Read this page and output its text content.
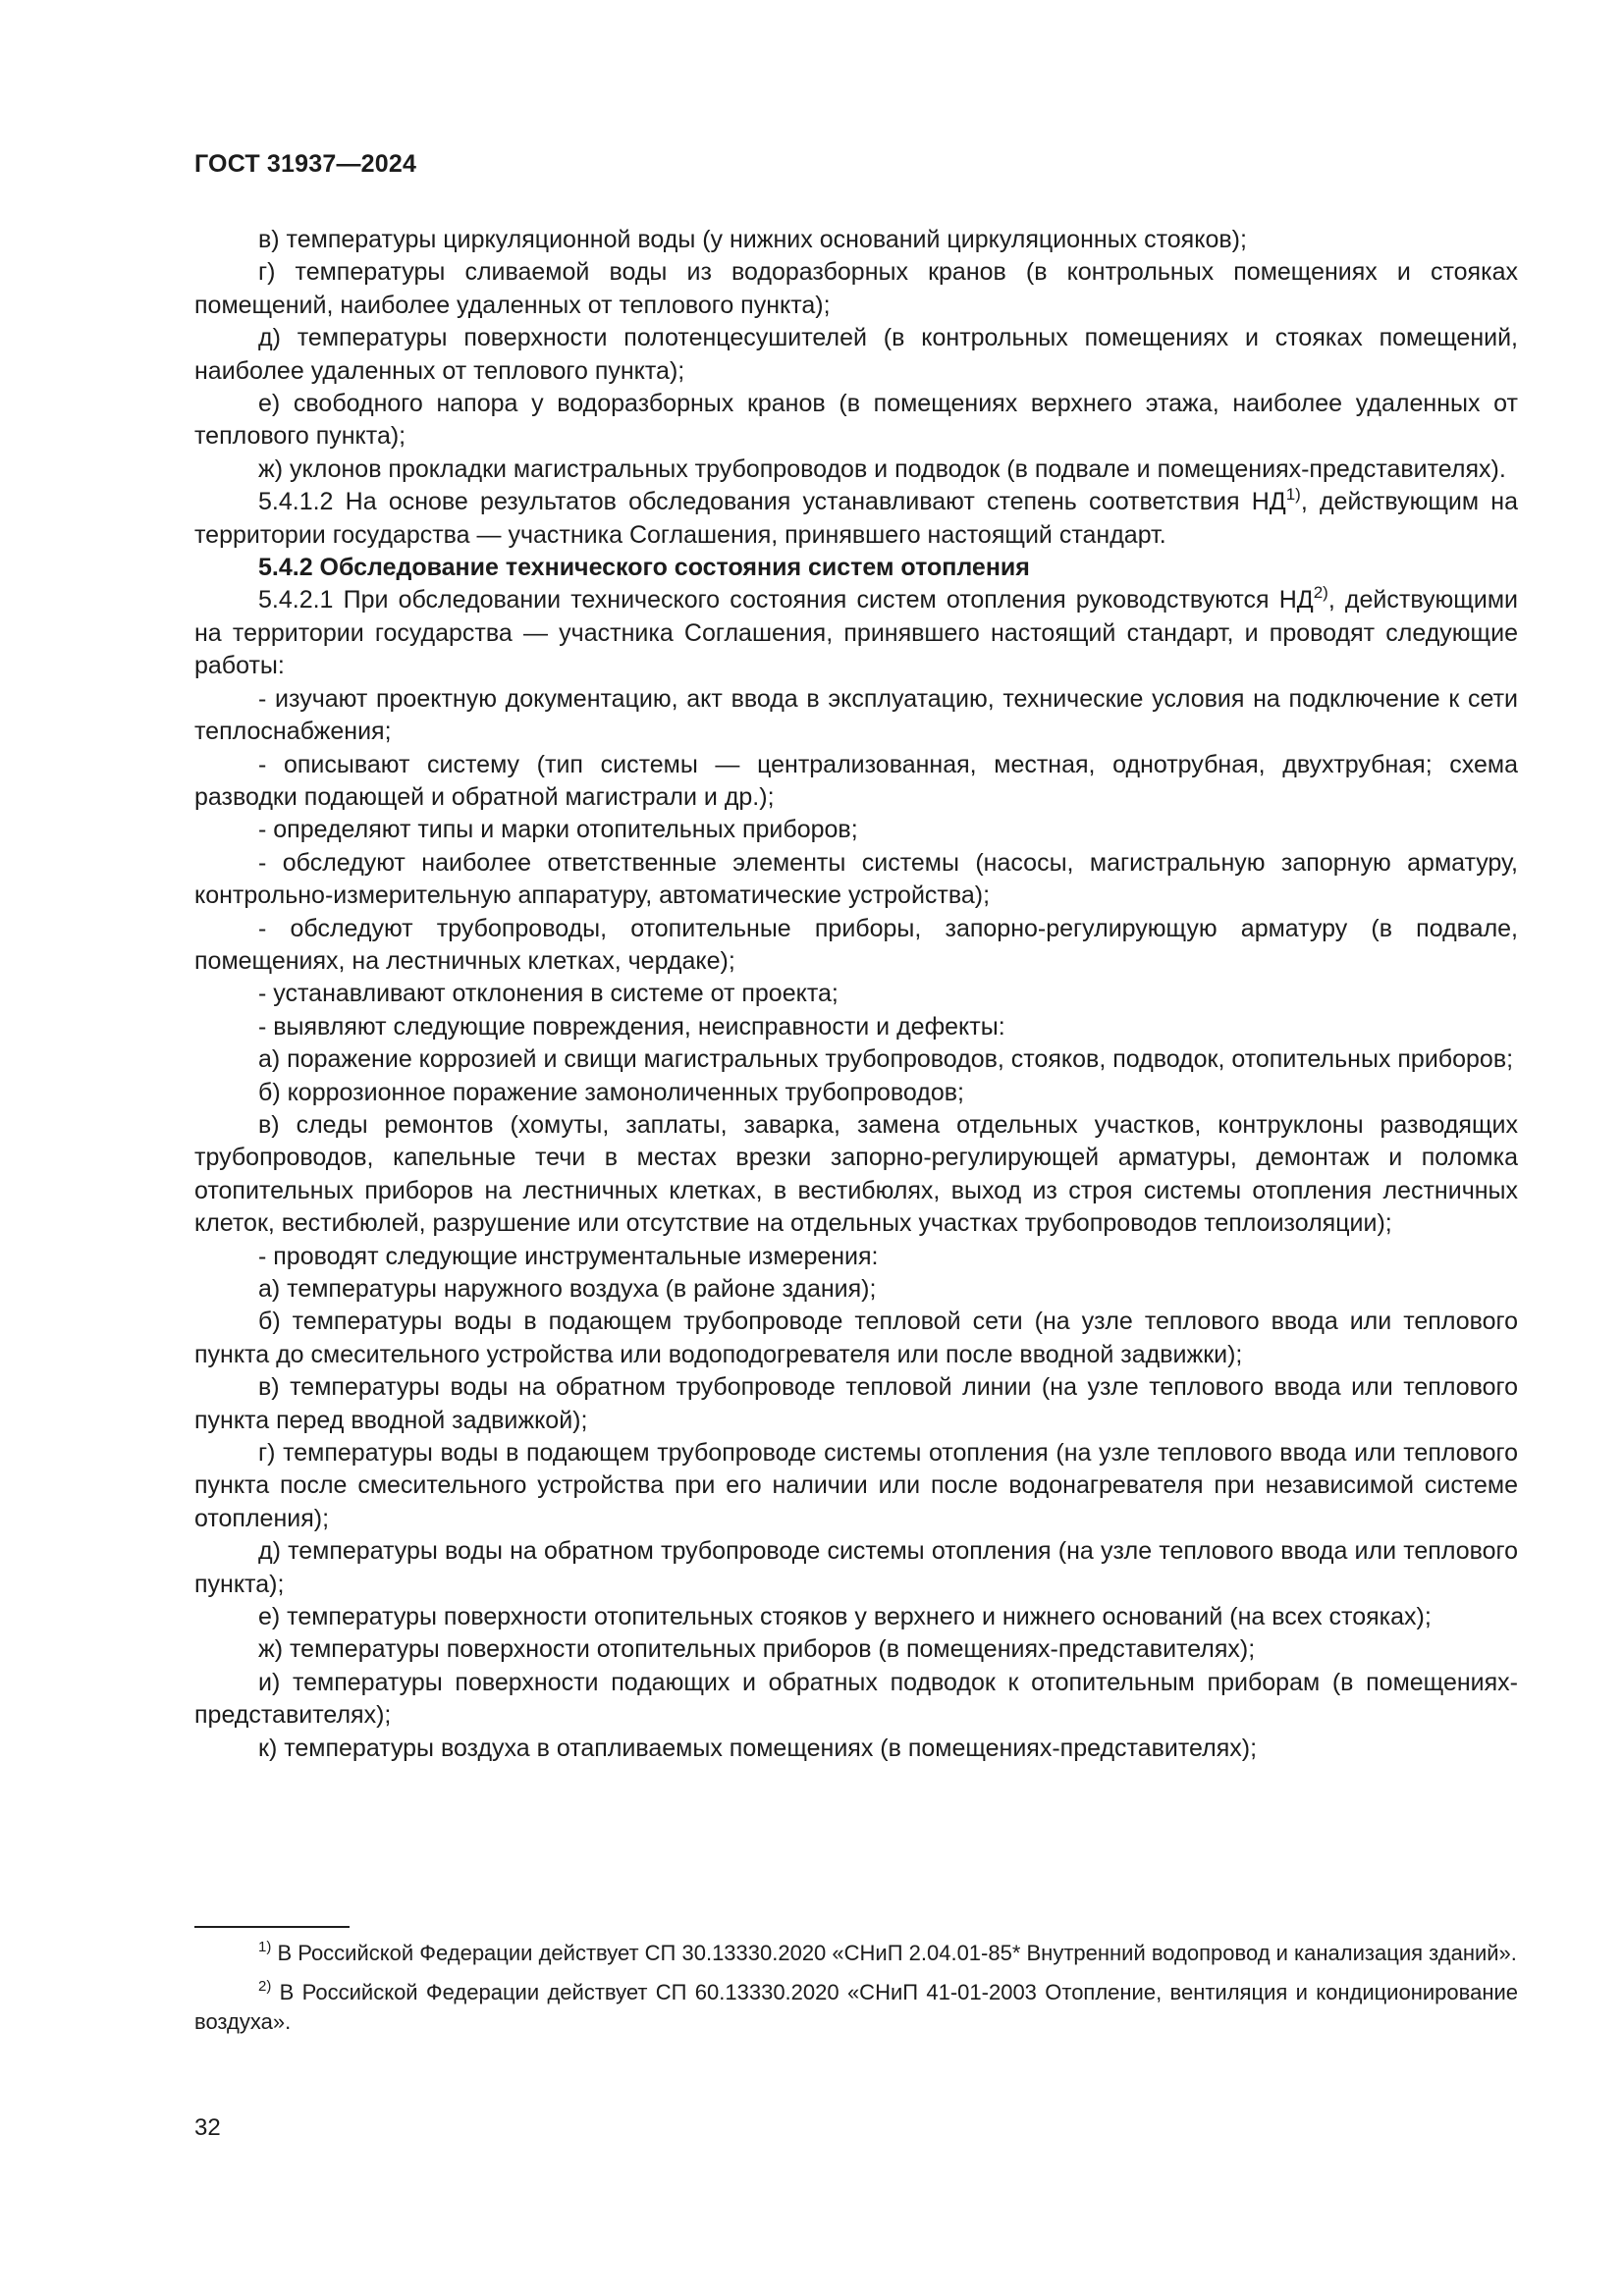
ГОСТ 31937—2024

в) температуры циркуляционной воды (у нижних оснований циркуляционных стояков);

г) температуры сливаемой воды из водоразборных кранов (в контрольных помещениях и стояках помещений, наиболее удаленных от теплового пункта);

д) температуры поверхности полотенцесушителей (в контрольных помещениях и стояках помещений, наиболее удаленных от теплового пункта);

е) свободного напора у водоразборных кранов (в помещениях верхнего этажа, наиболее удаленных от теплового пункта);

ж) уклонов прокладки магистральных трубопроводов и подводок (в подвале и помещениях-представителях).

5.4.1.2 На основе результатов обследования устанавливают степень соответствия НД$^{1)}$, действующим на территории государства — участника Соглашения, принявшего настоящий стандарт.

5.4.2 Обследование технического состояния систем отопления

5.4.2.1 При обследовании технического состояния систем отопления руководствуются НД$^{2)}$, действующими на территории государства — участника Соглашения, принявшего настоящий стандарт, и проводят следующие работы:

- изучают проектную документацию, акт ввода в эксплуатацию, технические условия на подключение к сети теплоснабжения;

- описывают систему (тип системы — централизованная, местная, однотрубная, двухтрубная; схема разводки подающей и обратной магистрали и др.);

- определяют типы и марки отопительных приборов;

- обследуют наиболее ответственные элементы системы (насосы, магистральную запорную арматуру, контрольно-измерительную аппаратуру, автоматические устройства);

- обследуют трубопроводы, отопительные приборы, запорно-регулирующую арматуру (в подвале, помещениях, на лестничных клетках, чердаке);

- устанавливают отклонения в системе от проекта;

- выявляют следующие повреждения, неисправности и дефекты:

а) поражение коррозией и свищи магистральных трубопроводов, стояков, подводок, отопительных приборов;

б) коррозионное поражение замоноличенных трубопроводов;

в) следы ремонтов (хомуты, заплаты, заварка, замена отдельных участков, контруклоны разводящих трубопроводов, капельные течи в местах врезки запорно-регулирующей арматуры, демонтаж и поломка отопительных приборов на лестничных клетках, в вестибюлях, выход из строя системы отопления лестничных клеток, вестибюлей, разрушение или отсутствие на отдельных участках трубопроводов теплоизоляции);

- проводят следующие инструментальные измерения:

а) температуры наружного воздуха (в районе здания);

б) температуры воды в подающем трубопроводе тепловой сети (на узле теплового ввода или теплового пункта до смесительного устройства или водоподогревателя или после вводной задвижки);

в) температуры воды на обратном трубопроводе тепловой линии (на узле теплового ввода или теплового пункта перед вводной задвижкой);

г) температуры воды в подающем трубопроводе системы отопления (на узле теплового ввода или теплового пункта после смесительного устройства при его наличии или после водонагревателя при независимой системе отопления);

д) температуры воды на обратном трубопроводе системы отопления (на узле теплового ввода или теплового пункта);

е) температуры поверхности отопительных стояков у верхнего и нижнего оснований (на всех стояках);

ж) температуры поверхности отопительных приборов (в помещениях-представителях);

и) температуры поверхности подающих и обратных подводок к отопительным приборам (в помещениях-представителях);

к) температуры воздуха в отапливаемых помещениях (в помещениях-представителях);

$^{1)}$ В Российской Федерации действует СП 30.13330.2020 «СНиП 2.04.01-85* Внутренний водопровод и канализация зданий».

$^{2)}$ В Российской Федерации действует СП 60.13330.2020 «СНиП 41-01-2003 Отопление, вентиляция и кондиционирование воздуха».

32
